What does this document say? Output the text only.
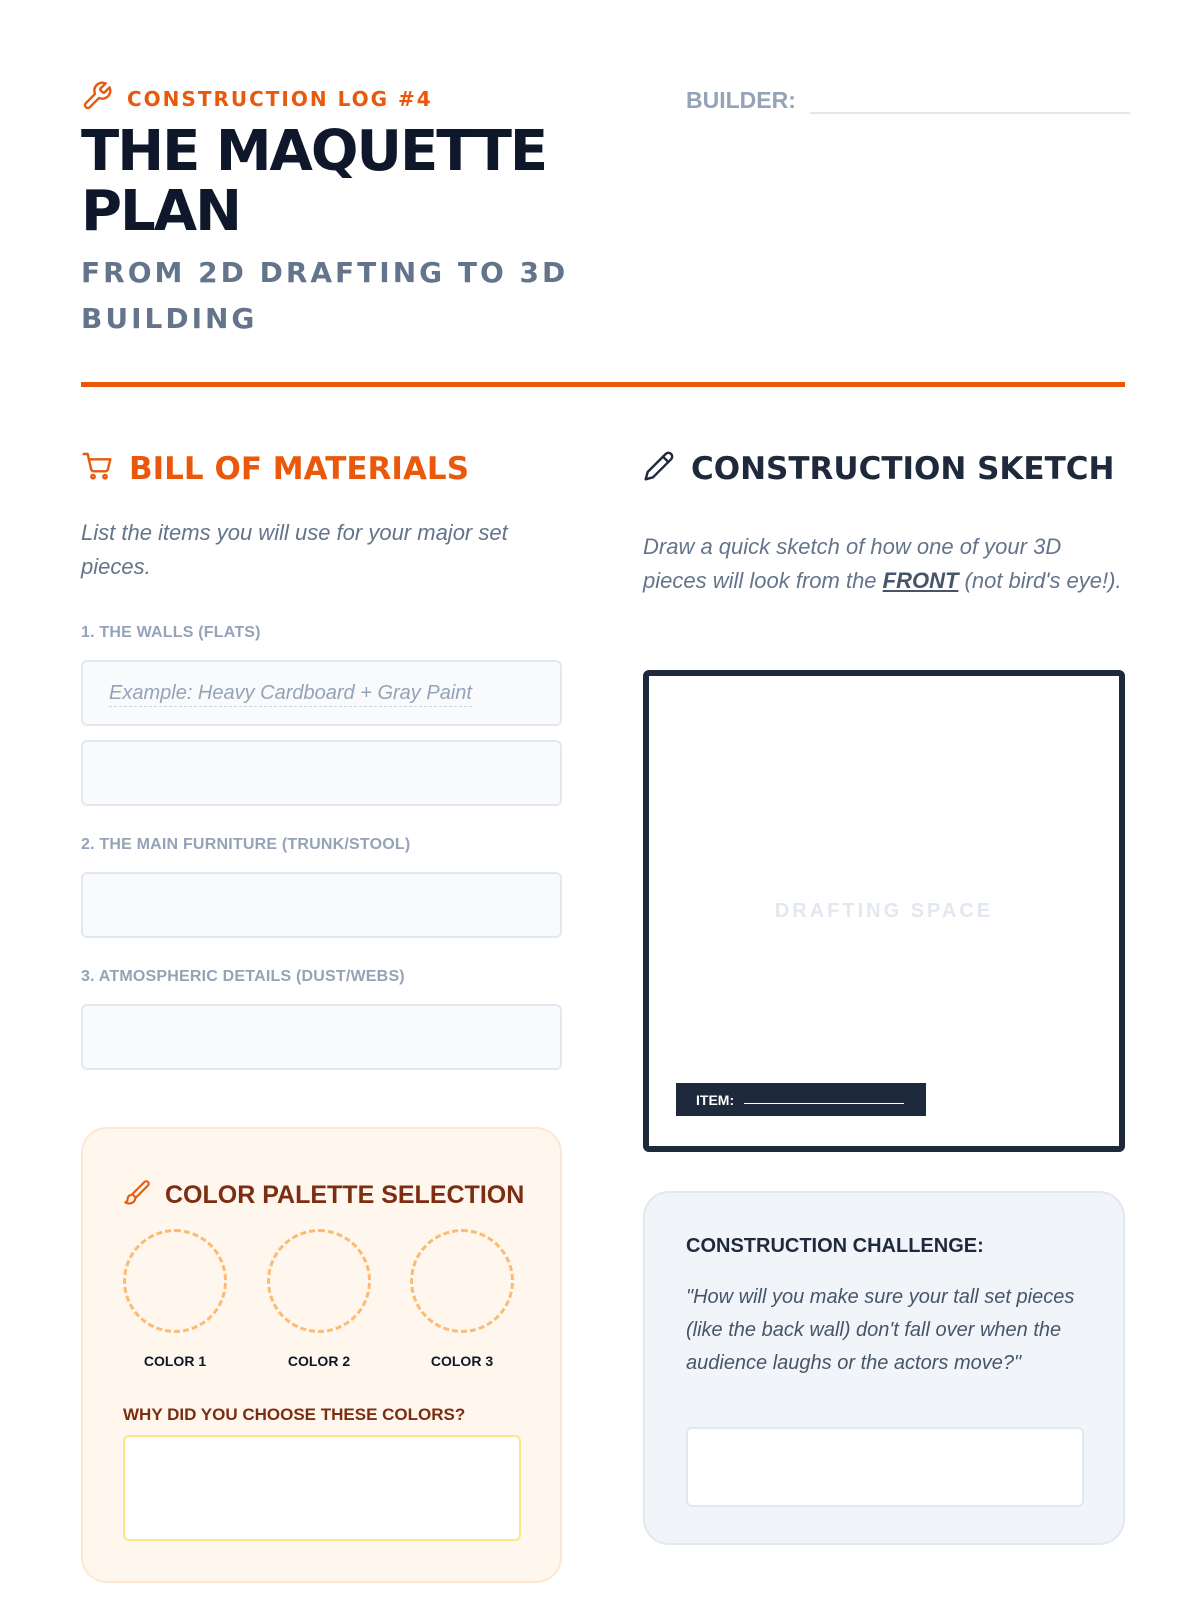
CONSTRUCTION LOG #4
THE MAQUETTE PLAN
FROM 2D DRAFTING TO 3D BUILDING
BUILDER:
BILL OF MATERIALS
List the items you will use for your major set pieces.
1. THE WALLS (FLATS)
Example: Heavy Cardboard + Gray Paint
2. THE MAIN FURNITURE (TRUNK/STOOL)
3. ATMOSPHERIC DETAILS (DUST/WEBS)
COLOR PALETTE SELECTION
COLOR 1	COLOR 2	COLOR 3
WHY DID YOU CHOOSE THESE COLORS?
CONSTRUCTION SKETCH
Draw a quick sketch of how one of your 3D pieces will look from the FRONT (not bird's eye!).
DRAFTING SPACE
ITEM:
CONSTRUCTION CHALLENGE:
"How will you make sure your tall set pieces (like the back wall) don't fall over when the audience laughs or the actors move?"
